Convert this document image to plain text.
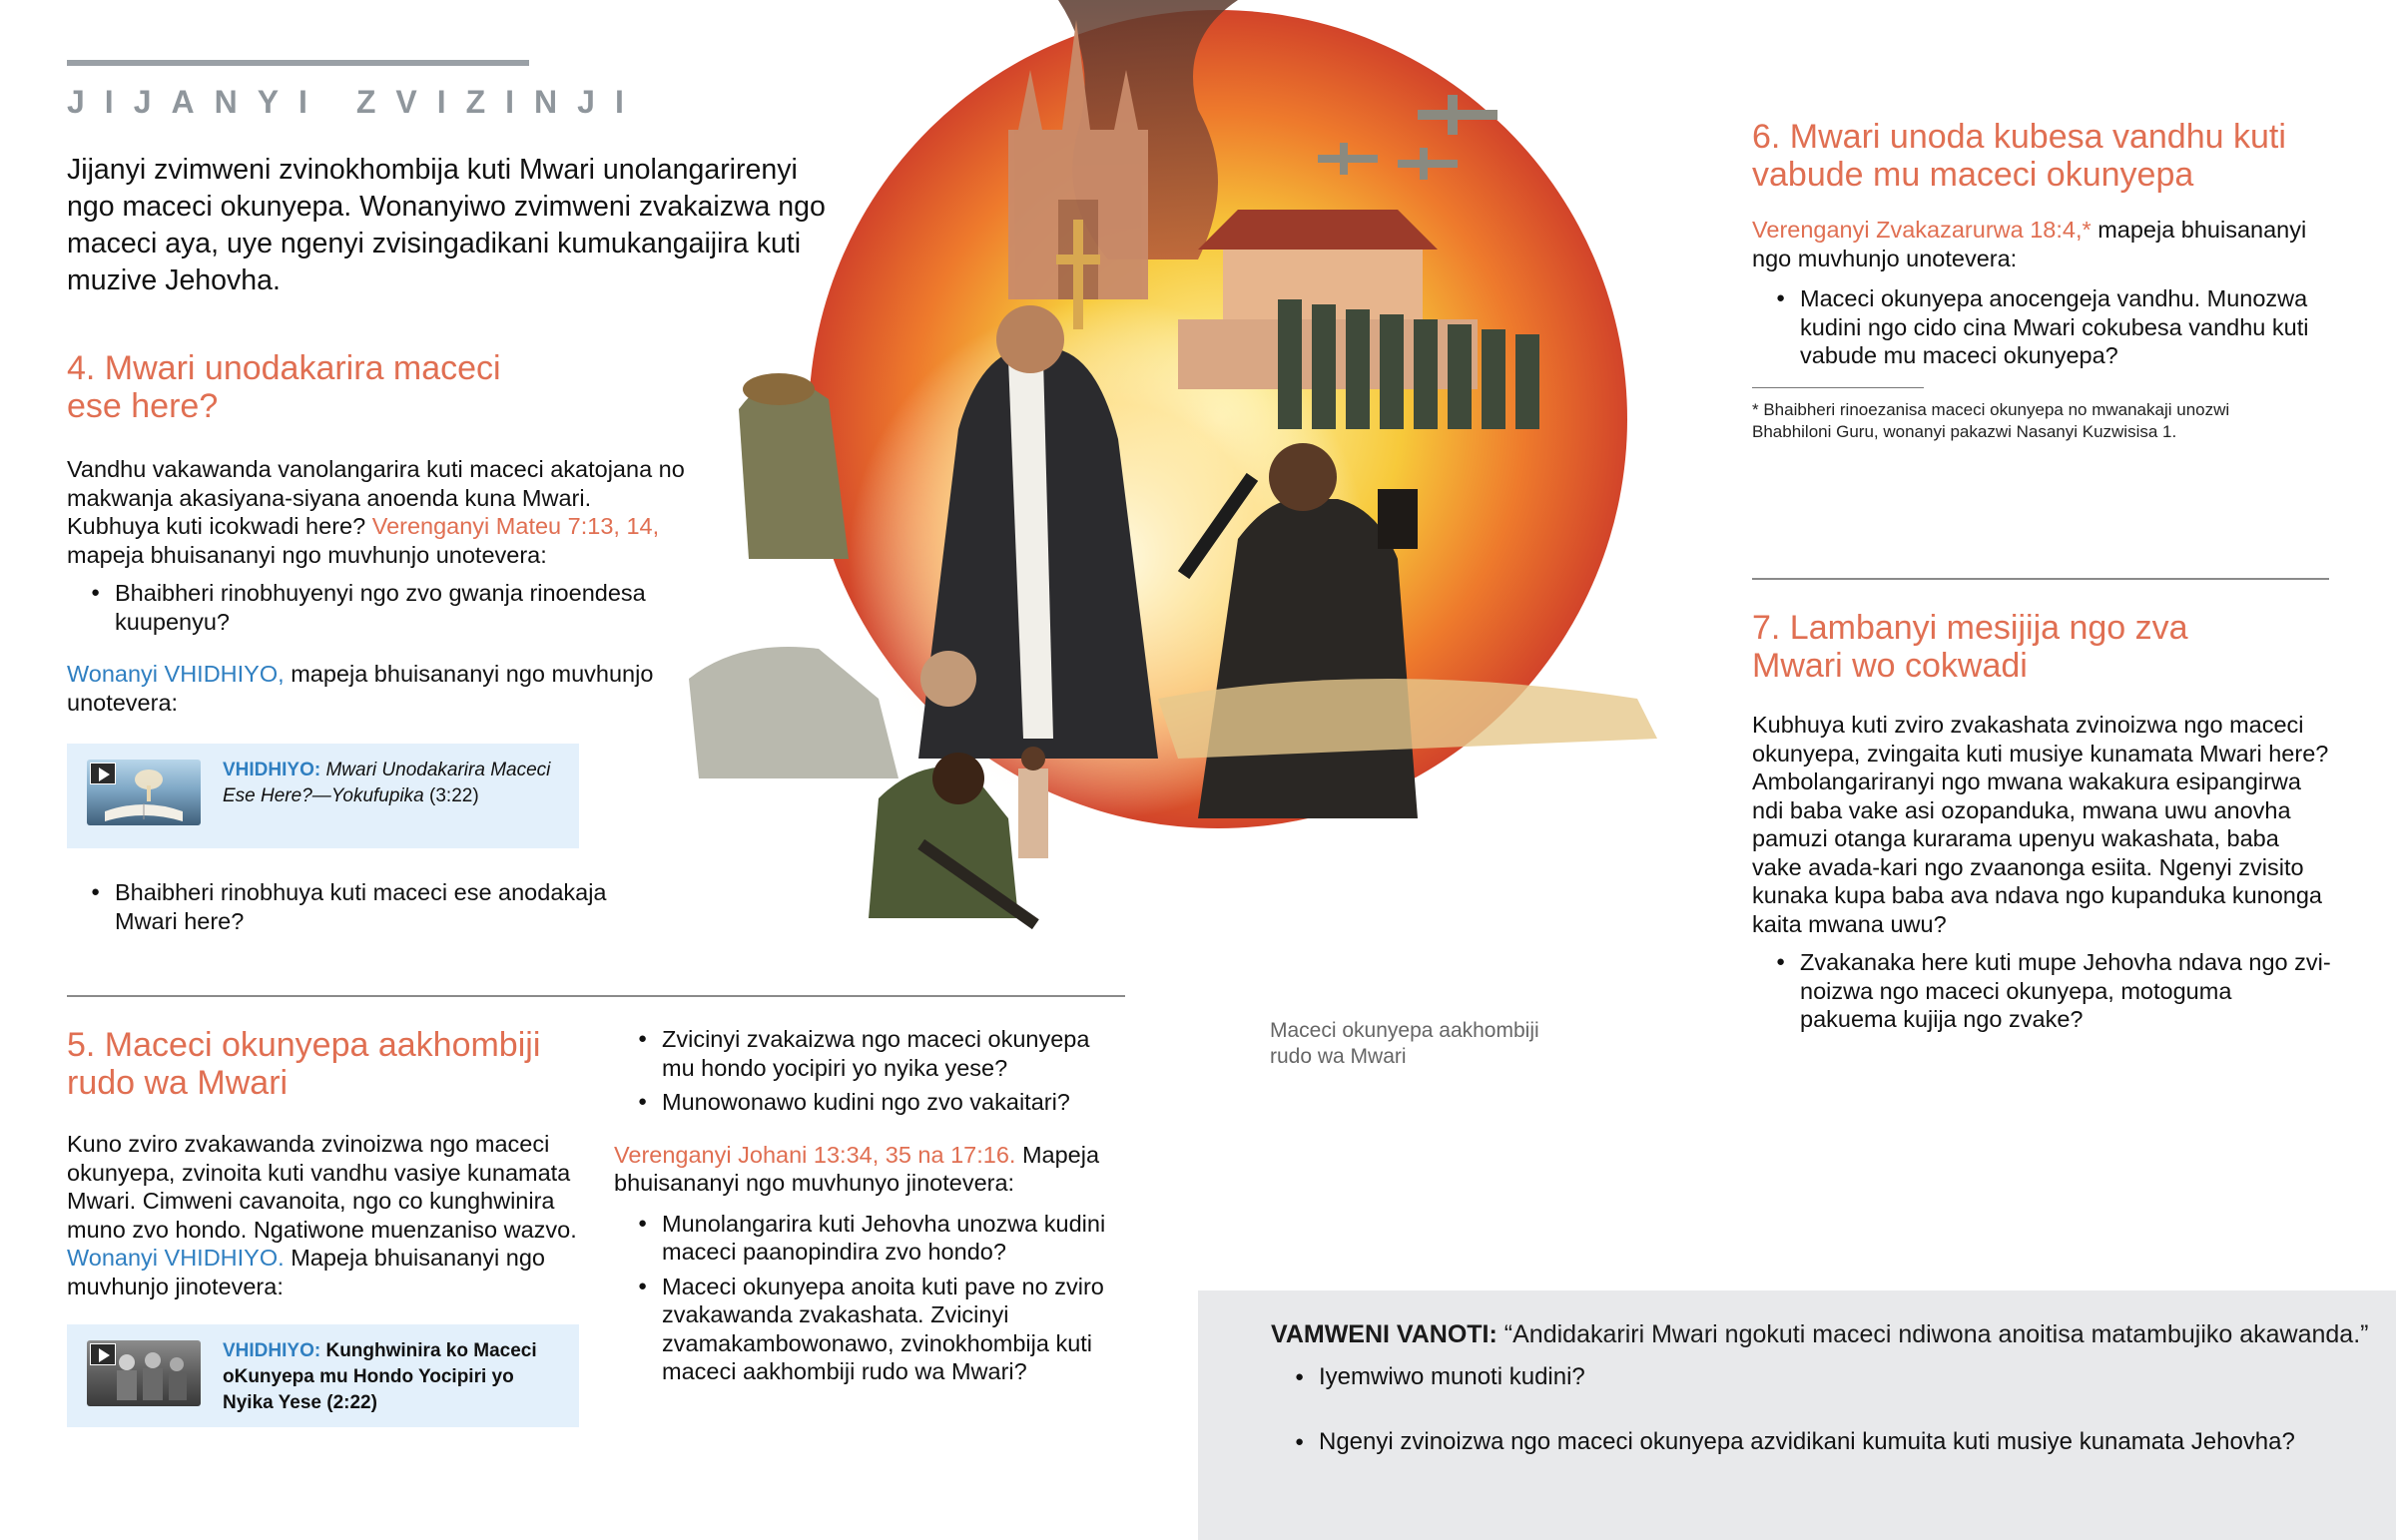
JIJANYI ZVIZINJI
Jijanyi zvimweni zvinokhombija kuti Mwari unolangarirenyi ngo maceci okunyepa. Wonanyiwo zvimweni zvakaizwa ngo maceci aya, uye ngenyi zvisingadikani kumukangaijira kuti muzive Jehovha.
4. Mwari unodakarira maceci ese here?
Vandhu vakawanda vanolangarira kuti maceci akatojana no makwanja akasiyana-siyana anoenda kuna Mwari. Kubhuya kuti icokwadi here? Verenganyi Mateu 7:13, 14, mapeja bhuisananyi ngo muvhunjo unotevera:
● Bhaibheri rinobhuyenyi ngo zvo gwanja rinoendesa kuupenyu?
Wonanyi VHIDHIYO, mapeja bhuisananyi ngo muvhunjo unotevera:
VHIDHIYO: Mwari Unodakarira Maceci Ese Here?—Yokufupika (3:22)
● Bhaibheri rinobhuya kuti maceci ese anodakaja Mwari here?
5. Maceci okunyepa aakhombiji rudo wa Mwari
Kuno zviro zvakawanda zvinoizwa ngo maceci okunyepa, zvinoita kuti vandhu vasiye kunamata Mwari. Cimweni cavanoita, ngo co kunghwinira muno zvo hondo. Ngatiwone muenzaniso wazvo. Wonanyi VHIDHIYO. Mapeja bhuisananyi ngo muvhunjo jinotevera:
VHIDHIYO: Kunghwinira ko Maceci oKunyepa mu Hondo Yocipiri yo Nyika Yese (2:22)
● Zvicinyi zvakaizwa ngo maceci okunyepa mu hondo yocipiri yo nyika yese?
● Munowonawo kudini ngo zvo vakaitari?
Verenganyi Johani 13:34, 35 na 17:16. Mapeja bhuisananyi ngo muvhunyo jinotevera:
● Munolangarira kuti Jehovha unozwa kudini maceci paanopindira zvo hondo?
● Maceci okunyepa anoita kuti pave no zviro zvakawanda zvakashata. Zvicinyi zvamakambowonawo, zvinokhombija kuti maceci aakhombiji rudo wa Mwari?
Maceci okunyepa aakhombiji rudo wa Mwari
6. Mwari unoda kubesa vandhu kuti vabude mu maceci okunyepa
Verenganyi Zvakazarurwa 18:4,* mapeja bhuisananyi ngo muvhunjo unotevera:
● Maceci okunyepa anocengeja vandhu. Munozwa kudini ngo cido cina Mwari cokubesa vandhu kuti vabude mu maceci okunyepa?
* Bhaibheri rinoezanisa maceci okunyepa no mwanakaji unozwi Bhabhiloni Guru, wonanyi pakazwi Nasanyi Kuzwisisa 1.
7. Lambanyi mesijija ngo zva Mwari wo cokwadi
Kubhuya kuti zviro zvakashata zvinoizwa ngo maceci okunyepa, zvingaita kuti musiye kunamata Mwari here? Ambolangariranyi ngo mwana wakakura esipangirwa ndi baba vake asi ozopanduka, mwana uwu anovha pamuzi otanga kurarama upenyu wakashata, baba vake avada-kari ngo zvaanonga esiita. Ngenyi zvisito kunaka kupa baba ava ndava ngo kupanduka kunonga kaita mwana uwu?
● Zvakanaka here kuti mupe Jehovha ndava ngo zvi-noizwa ngo maceci okunyepa, motoguma pakuema kujija ngo zvake?
VAMWENI VANOTI: “Andidakariri Mwari ngokuti maceci ndiwona anoitisa matambujiko akawanda.”
● Iyemwiwo munoti kudini?
● Ngenyi zvinoizwa ngo maceci okunyepa azvidikani kumuita kuti musiye kunamata Jehovha?
